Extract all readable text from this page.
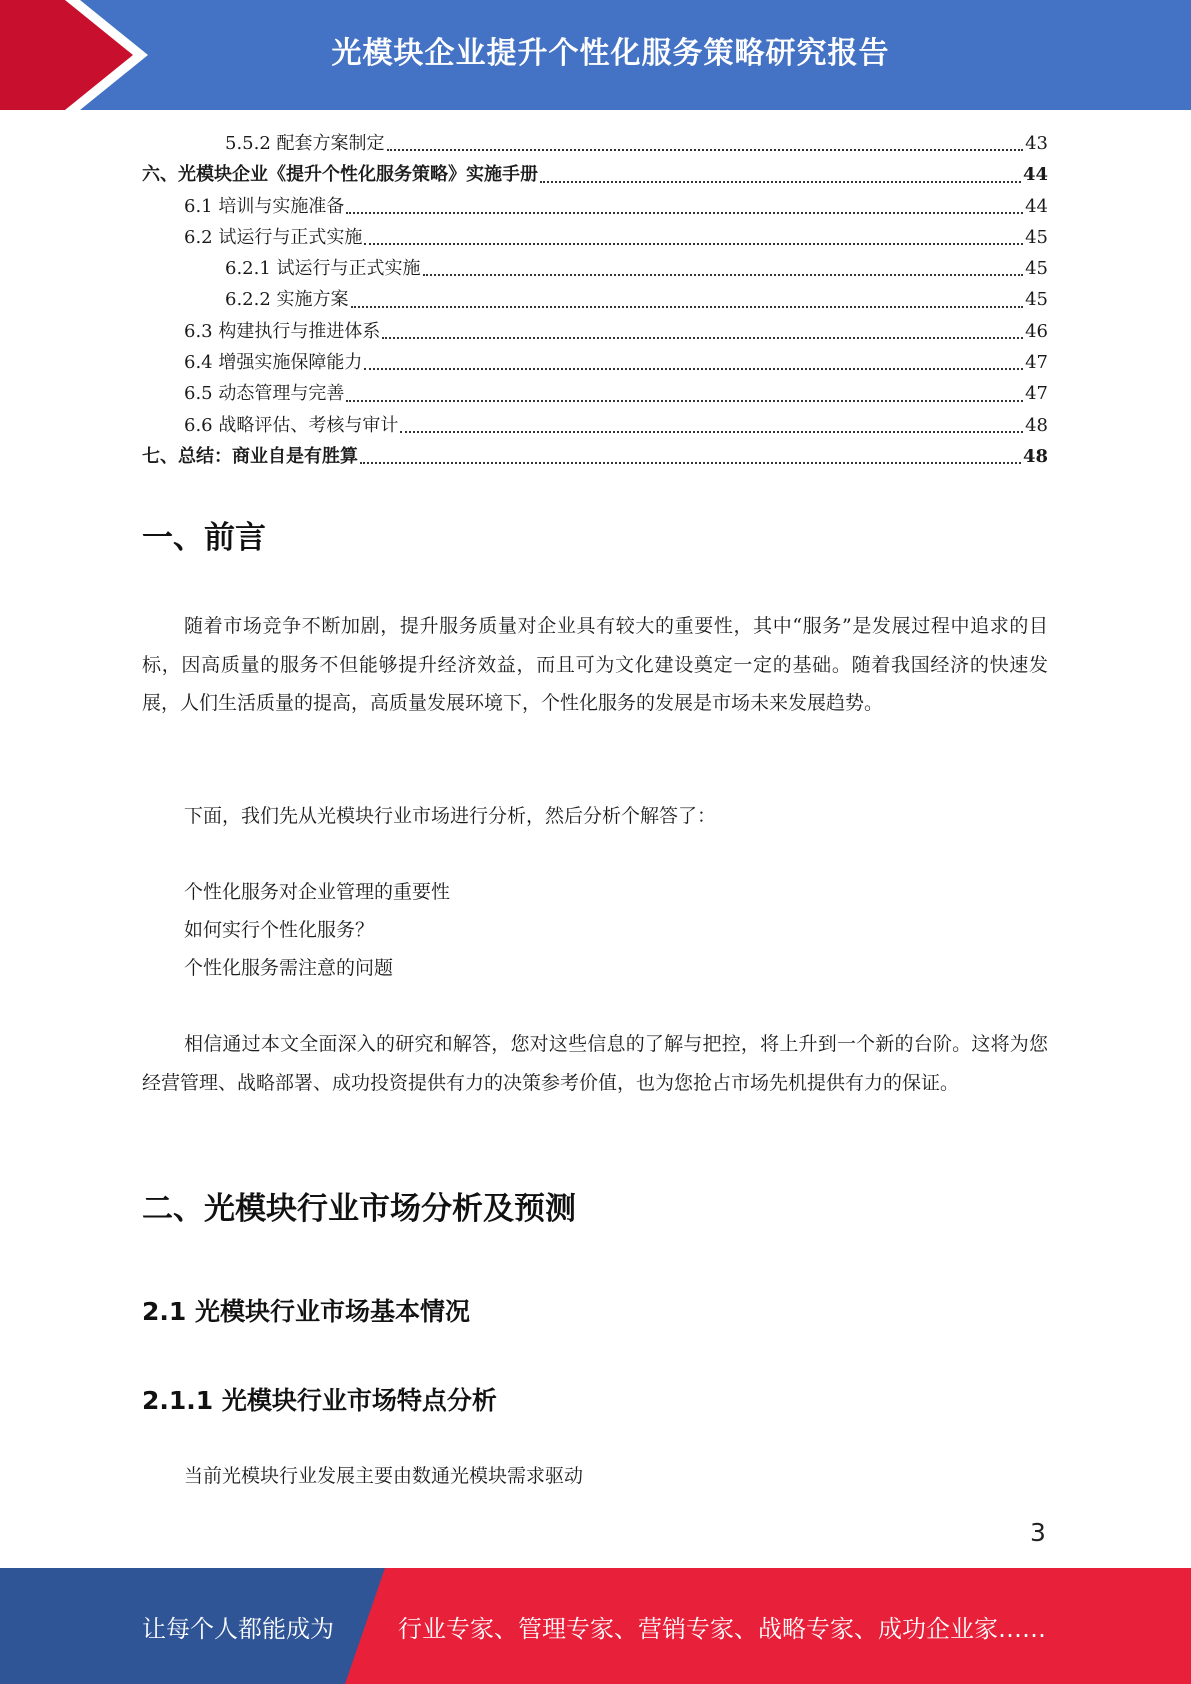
光模块企业提升个性化服务策略研究报告
5.5.2 配套方案制定	43
六、光模块企业《提升个性化服务策略》实施手册	44
6.1 培训与实施准备	44
6.2 试运行与正式实施	45
6.2.1 试运行与正式实施	45
6.2.2 实施方案	45
6.3 构建执行与推进体系	46
6.4 增强实施保障能力	47
6.5 动态管理与完善	47
6.6 战略评估、考核与审计	48
七、总结：商业自是有胜算	48
一、前言

随着市场竞争不断加剧，提升服务质量对企业具有较大的重要性，其中“服务”是发展过程中追求的目标，因高质量的服务不但能够提升经济效益，而且可为文化建设奠定一定的基础。随着我国经济的快速发展，人们生活质量的提高，高质量发展环境下，个性化服务的发展是市场未来发展趋势。

下面，我们先从光模块行业市场进行分析，然后分析个解答了：

个性化服务对企业管理的重要性
如何实行个性化服务？
个性化服务需注意的问题

相信通过本文全面深入的研究和解答，您对这些信息的了解与把控，将上升到一个新的台阶。这将为您经营管理、战略部署、成功投资提供有力的决策参考价值，也为您抢占市场先机提供有力的保证。

二、光模块行业市场分析及预测
2.1 光模块行业市场基本情况
2.1.1 光模块行业市场特点分析
当前光模块行业发展主要由数通光模块需求驱动
3
让每个人都能成为	行业专家、管理专家、营销专家、战略专家、成功企业家……
